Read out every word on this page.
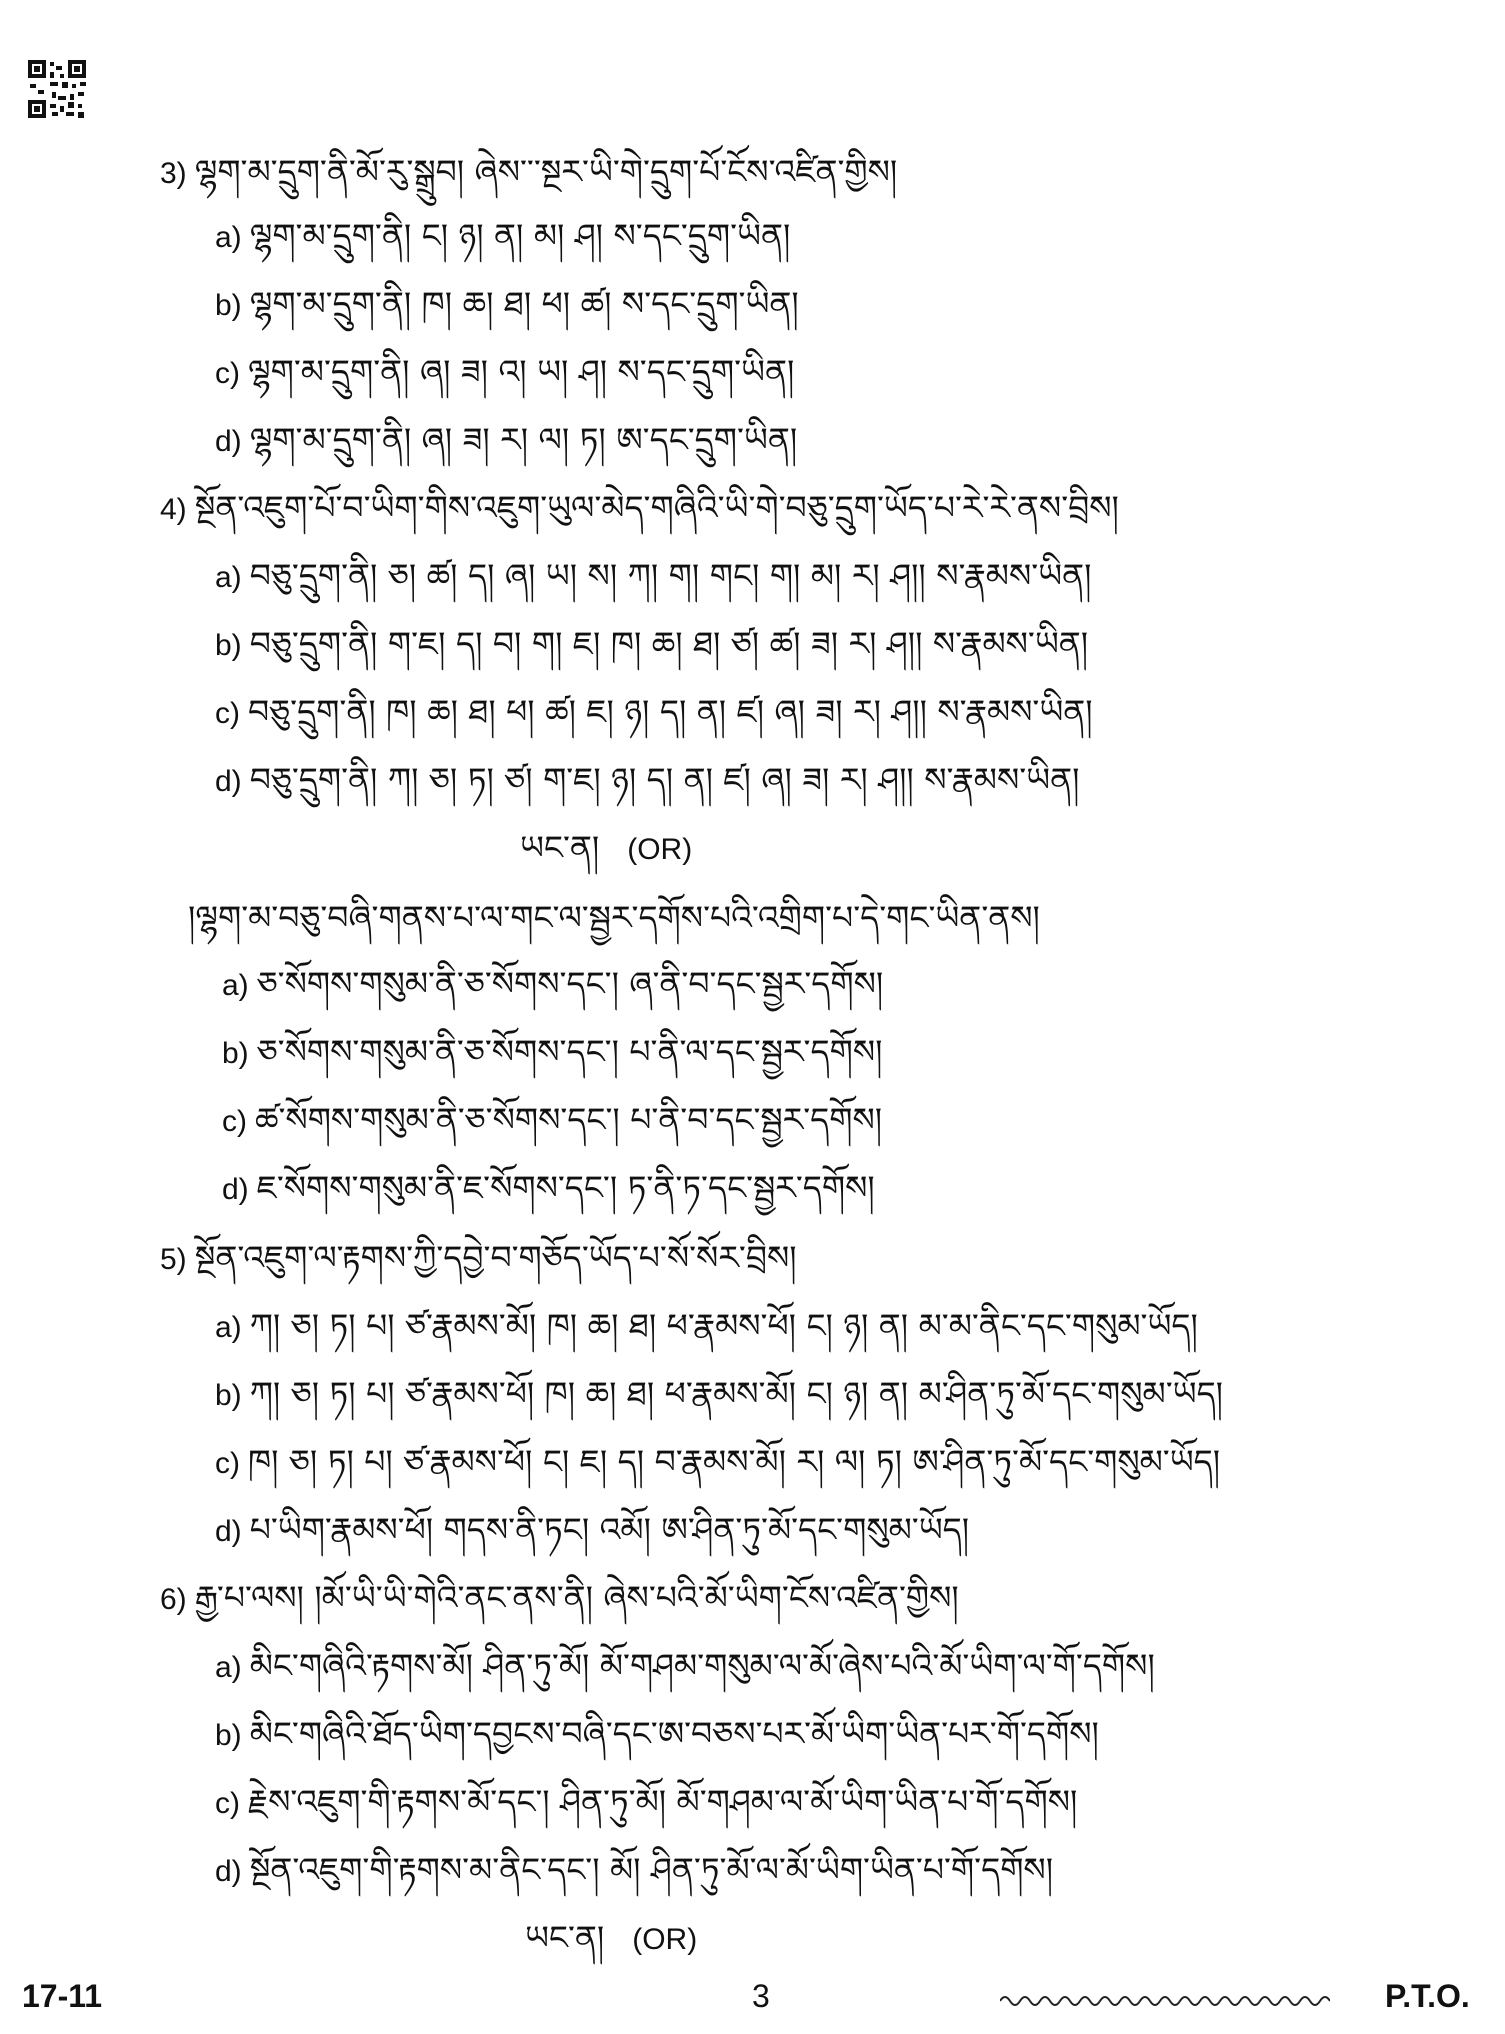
3) ལྷག་མ་དྲུག་ནི་མོ་རུ་སྒྲུབ། ཞེས་་་སྔར་ཡི་གེ་དྲུག་པོ་ངོས་འཛིན་གྱིས།
a) ལྷག་མ་དྲུག་ནི། ང། ཉ། ན། མ། ཤ། ས་དང་དྲུག་ཡིན།
b) ལྷག་མ་དྲུག་ནི། ཁ། ཆ། ཐ། ཕ། ཚ། ས་དང་དྲུག་ཡིན།
c) ལྷག་མ་དྲུག་ནི། ཞ། ཟ། འ། ཡ། ཤ། ས་དང་དྲུག་ཡིན།
d) ལྷག་མ་དྲུག་ནི། ཞ། ཟ། ར། ལ། ཏ། ཨ་དང་དྲུག་ཡིན།
4) སྔོན་འཇུག་པོ་བ་ཡིག་གིས་འཇུག་ཡུལ་མེད་གཞིའི་ཡི་གེ་བཅུ་དྲུག་ཡོད་པ་རེ་རེ་ནས་བྲིས།
a) བཅུ་དྲུག་ནི། ཅ། ཚ། ད། ཞ། ཡ། ས། ཀ། ག། གང། ག། མ། ར། ཤ།། ས་རྣམས་ཡིན།
b) བཅུ་དྲུག་ནི། ག་ཇ། ད། བ། ག། ཇ། ཁ། ཆ། ཐ། ཙ། ཚ། ཟ། ར། ཤ།། ས་རྣམས་ཡིན།
c) བཅུ་དྲུག་ནི། ཁ། ཆ། ཐ། ཕ། ཚ། ཇ། ཉ། ད། ན། ཛ། ཞ། ཟ། ར། ཤ།། ས་རྣམས་ཡིན།
d) བཅུ་དྲུག་ནི། ཀ། ཅ། ཏ། ཙ། ག་ཇ། ཉ། ད། ན། ཛ། ཞ། ཟ། ར། ཤ།། ས་རྣམས་ཡིན།
ཡང་ན། (OR)
།ལྷག་མ་བཅུ་བཞི་གནས་པ་ལ་གང་ལ་སྦྱར་དགོས་པའི་འགྲིག་པ་དེ་གང་ཡིན་ནས།
a) ཅ་སོགས་གསུམ་ནི་ཅ་སོགས་དང་། ཞ་ནི་བ་དང་སྦྱར་དགོས།
b) ཅ་སོགས་གསུམ་ནི་ཅ་སོགས་དང་། པ་ནི་ལ་དང་སྦྱར་དགོས།
c) ཚ་སོགས་གསུམ་ནི་ཅ་སོགས་དང་། པ་ནི་བ་དང་སྦྱར་དགོས།
d) ཇ་སོགས་གསུམ་ནི་ཇ་སོགས་དང་། ཏ་ནི་ཏ་དང་སྦྱར་དགོས།
5) སྔོན་འཇུག་ལ་རྟགས་ཀྱི་དབྱེ་བ་གཅོད་ཡོད་པ་སོ་སོར་བྲིས།
a) ཀ། ཅ། ཏ། པ། ཙ་རྣམས་མོ། ཁ། ཆ། ཐ། ཕ་རྣམས་ཕོ། ང། ཉ། ན། མ་མ་ནིང་དང་གསུམ་ཡོད།
b) ཀ། ཅ། ཏ། པ། ཙ་རྣམས་ཕོ། ཁ། ཆ། ཐ། ཕ་རྣམས་མོ། ང། ཉ། ན། མ་ཤིན་ཏུ་མོ་དང་གསུམ་ཡོད།
c) ཁ། ཅ། ཏ། པ། ཙ་རྣམས་ཕོ། ང། ཇ། ད། བ་རྣམས་མོ། ར། ལ། ཏ། ཨ་ཤིན་ཏུ་མོ་དང་གསུམ་ཡོད།
d) པ་ཡིག་རྣམས་ཕོ། གདས་ནི་ཏང། འམོ། ཨ་ཤིན་ཏུ་མོ་དང་གསུམ་ཡོད།
6) རྒྱ་པ་ལས། །མོ་ཡི་ཡི་གེའི་ནང་ནས་ནི། ཞེས་པའི་མོ་ཡིག་ངོས་འཛིན་གྱིས།
a) མིང་གཞིའི་རྟགས་མོ། ཤིན་ཏུ་མོ། མོ་གཤམ་གསུམ་ལ་མོ་ཞེས་པའི་མོ་ཡིག་ལ་གོ་དགོས།
b) མིང་གཞིའི་ཐོད་ཡིག་དབྱངས་བཞི་དང་ཨ་བཅས་པར་མོ་ཡིག་ཡིན་པར་གོ་དགོས།
c) རྗེས་འཇུག་གི་རྟགས་མོ་དང་། ཤིན་ཏུ་མོ། མོ་གཤམ་ལ་མོ་ཡིག་ཡིན་པ་གོ་དགོས།
d) སྔོན་འཇུག་གི་རྟགས་མ་ནིང་དང་། མོ། ཤིན་ཏུ་མོ་ལ་མོ་ཡིག་ཡིན་པ་གོ་དགོས།
ཡང་ན། (OR)
17-11	3	P.T.O.
